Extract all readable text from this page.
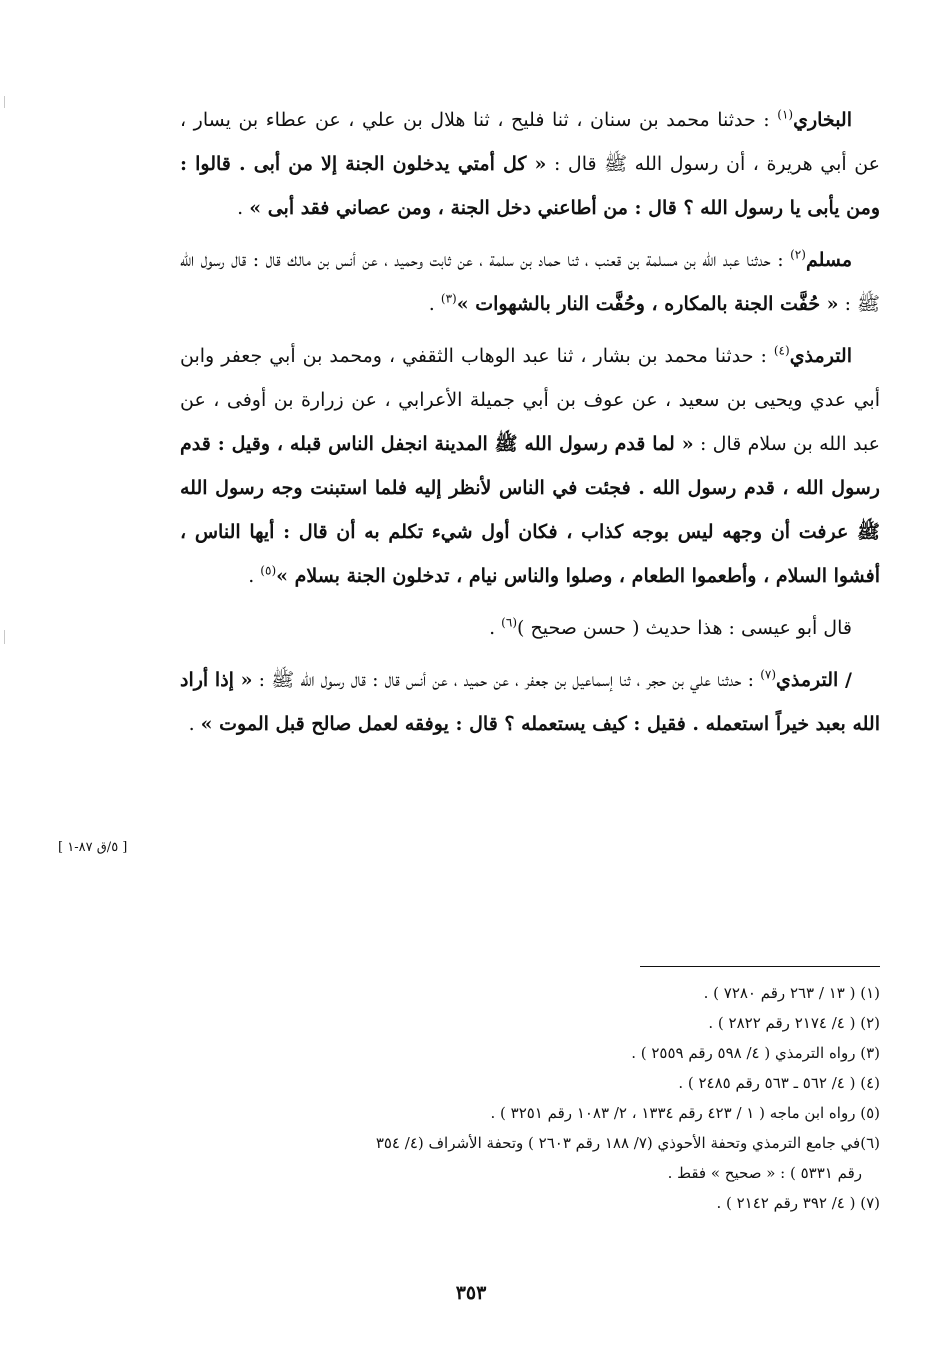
البخاري$^{(١)}$ : حدثنا محمد بن سنان ، ثنا فليح ، ثنا هلال بن علي ، عن عطاء بن يسار ، عن أبي هريرة ، أن رسول الله ﷺ قال : « كل أمتي يدخلون الجنة إلا من أبى . قالوا : ومن يأبى يا رسول الله ؟ قال : من أطاعني دخل الجنة ، ومن عصاني فقد أبى » .

مسلم$^{(٢)}$ : حدثنا عبد الله بن مسلمة بن قعنب ، ثنا حماد بن سلمة ، عن ثابت وحميد ، عن أنس بن مالك قال : قال رسول الله ﷺ : « حُفَّت الجنة بالمكاره ، وحُفَّت النار بالشهوات »$^{(٣)}$ .

الترمذي$^{(٤)}$ : حدثنا محمد بن بشار ، ثنا عبد الوهاب الثقفي ، ومحمد بن أبي جعفر وابن أبي عدي ويحيى بن سعيد ، عن عوف بن أبي جميلة الأعرابي ، عن زرارة بن أوفى ، عن عبد الله بن سلام قال : « لما قدم رسول الله ﷺ المدينة انجفل الناس قبله ، وقيل : قدم رسول الله ، قدم رسول الله . فجئت في الناس لأنظر إليه فلما استبنت وجه رسول الله ﷺ عرفت أن وجهه ليس بوجه كذاب ، فكان أول شيء تكلم به أن قال : أيها الناس ، أفشوا السلام ، وأطعموا الطعام ، وصلوا والناس نيام ، تدخلون الجنة بسلام »$^{(٥)}$ .

قال أبو عيسى : هذا حديث ( حسن صحيح )$^{(٦)}$ .

/ الترمذي$^{(٧)}$ : حدثنا علي بن حجر ، ثنا إسماعيل بن جعفر ، عن حميد ، عن أنس قال : قال رسول الله ﷺ : « إذا أراد الله بعبد خيراً استعمله . فقيل : كيف يستعمله ؟ قال : يوفقه لعمل صالح قبل الموت » .

[ ٥/ق ٨٧-١ ]

(١) ( ١٣ / ٢٦٣ رقم ٧٢٨٠ ) .

(٢) ( ٤/ ٢١٧٤ رقم ٢٨٢٢ ) .

(٣) رواه الترمذي ( ٤/ ٥٩٨ رقم ٢٥٥٩ ) .

(٤) ( ٤/ ٥٦٢ ـ ٥٦٣ رقم ٢٤٨٥ ) .

(٥) رواه ابن ماجه ( ١ / ٤٢٣ رقم ١٣٣٤ ، ٢/ ١٠٨٣ رقم ٣٢٥١ ) .

(٦)في جامع الترمذي وتحفة الأحوذي (٧/ ١٨٨ رقم ٢٦٠٣ ) وتحفة الأشراف (٤/ ٣٥٤

رقم ٥٣٣١ ) : « صحيح » فقط .

(٧) ( ٤/ ٣٩٢ رقم ٢١٤٢ ) .

٣٥٣
